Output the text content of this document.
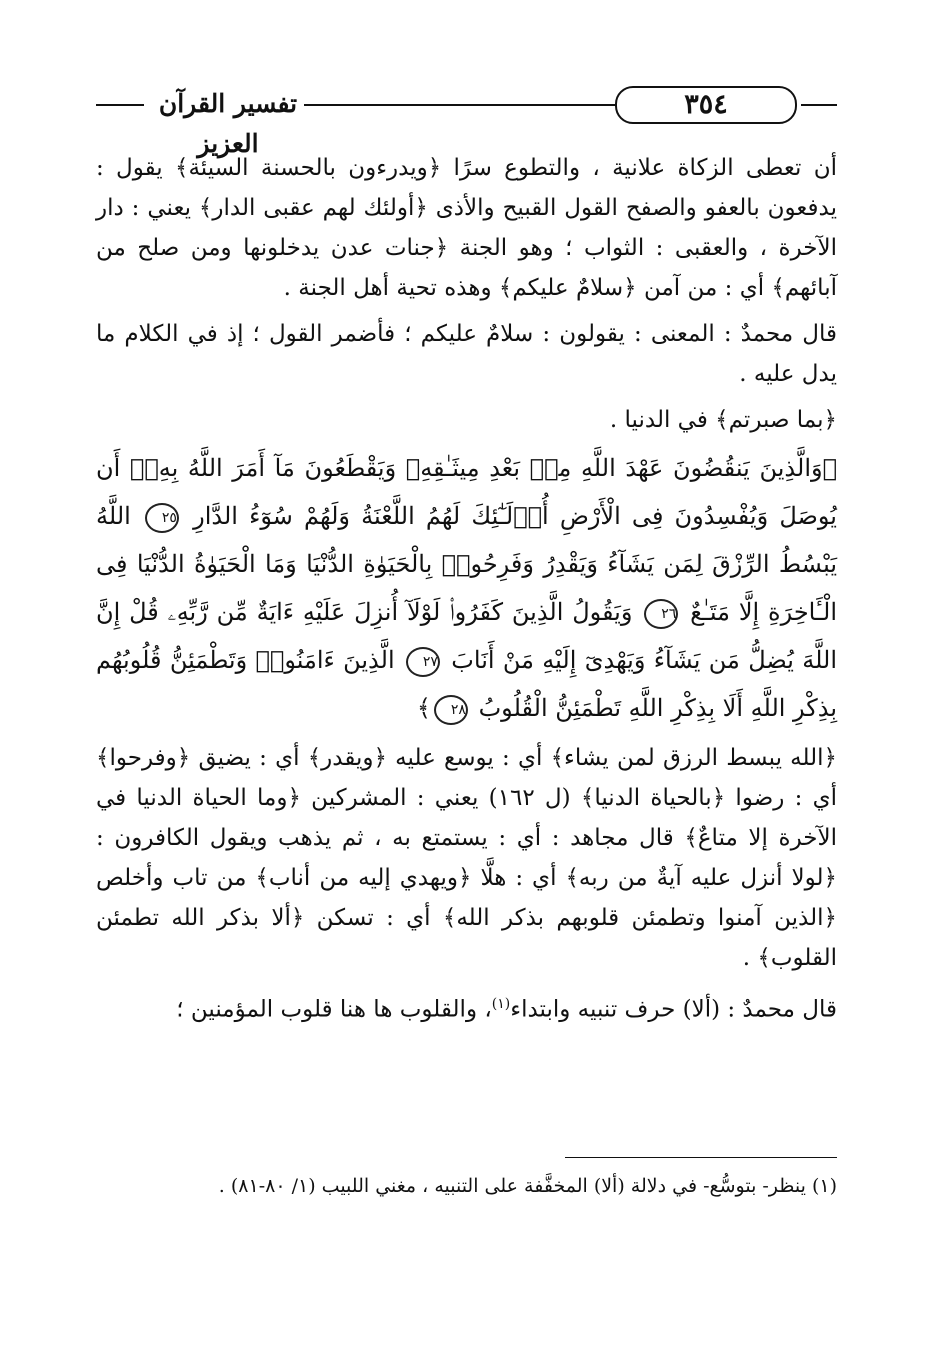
٣٥٤
تفسير القرآن العزيز

أن تعطى الزكاة علانية ، والتطوع سرًا ﴿ويدرءون بالحسنة السيئة﴾ يقول : يدفعون بالعفو والصفح القول القبيح والأذى ﴿أولئك لهم عقبى الدار﴾ يعني : دار الآخرة ، والعقبى : الثواب ؛ وهو الجنة ﴿جنات عدن يدخلونها ومن صلح من آبائهم﴾ أي : من آمن ﴿سلامٌ عليكم﴾ وهذه تحية أهل الجنة .

قال محمدٌ : المعنى : يقولون : سلامٌ عليكم ؛ فأضمر القول ؛ إذ في الكلام ما يدل عليه .

﴿بما صبرتم﴾ في الدنيا .

﴿وَالَّذِينَ يَنقُضُونَ عَهْدَ اللَّهِ مِنۢ بَعْدِ مِيثَـٰقِهِۦ وَيَقْطَعُونَ مَآ أَمَرَ اللَّهُ بِهِۦٓ أَن يُوصَلَ وَيُفْسِدُونَ فِى الْأَرْضِ أُو۟لَـٰٓئِكَ لَهُمُ اللَّعْنَةُ وَلَهُمْ سُوٓءُ الدَّارِ ٢٥ اللَّهُ يَبْسُطُ الرِّزْقَ لِمَن يَشَآءُ وَيَقْدِرُ وَفَرِحُوا۟ بِالْحَيَوٰةِ الدُّنْيَا وَمَا الْحَيَوٰةُ الدُّنْيَا فِى الْـَٔاخِرَةِ إِلَّا مَتَـٰعٌ ٢٦ وَيَقُولُ الَّذِينَ كَفَرُوا۟ لَوْلَآ أُنزِلَ عَلَيْهِ ءَايَةٌ مِّن رَّبِّهِۦ قُلْ إِنَّ اللَّهَ يُضِلُّ مَن يَشَآءُ وَيَهْدِىٓ إِلَيْهِ مَنْ أَنَابَ ٢٧ الَّذِينَ ءَامَنُوا۟ وَتَطْمَئِنُّ قُلُوبُهُم بِذِكْرِ اللَّهِ أَلَا بِذِكْرِ اللَّهِ تَطْمَئِنُّ الْقُلُوبُ ٢٨﴾

﴿الله يبسط الرزق لمن يشاء﴾ أي : يوسع عليه ﴿ويقدر﴾ أي : يضيق ﴿وفرحوا﴾ أي : رضوا ﴿بالحياة الدنيا﴾ (ل ١٦٢) يعني : المشركين ﴿وما الحياة الدنيا في الآخرة إلا متاعٌ﴾ قال مجاهد : أي : يستمتع به ، ثم يذهب ويقول الكافرون : ﴿لولا أنزل عليه آيةٌ من ربه﴾ أي : هلَّا ﴿ويهدي إليه من أناب﴾ من تاب وأخلص ﴿الذين آمنوا وتطمئن قلوبهم بذكر الله﴾ أي : تسكن ﴿ألا بذكر الله تطمئن القلوب﴾ .

قال محمدٌ : (ألا) حرف تنبيه وابتداء$^{(١)}$، والقلوب ها هنا قلوب المؤمنين ؛

(١) ينظر- بتوسُّع- في دلالة (ألا) المخفَّفة على التنبيه ، مغني اللبيب (١/ ٨٠-٨١) .
